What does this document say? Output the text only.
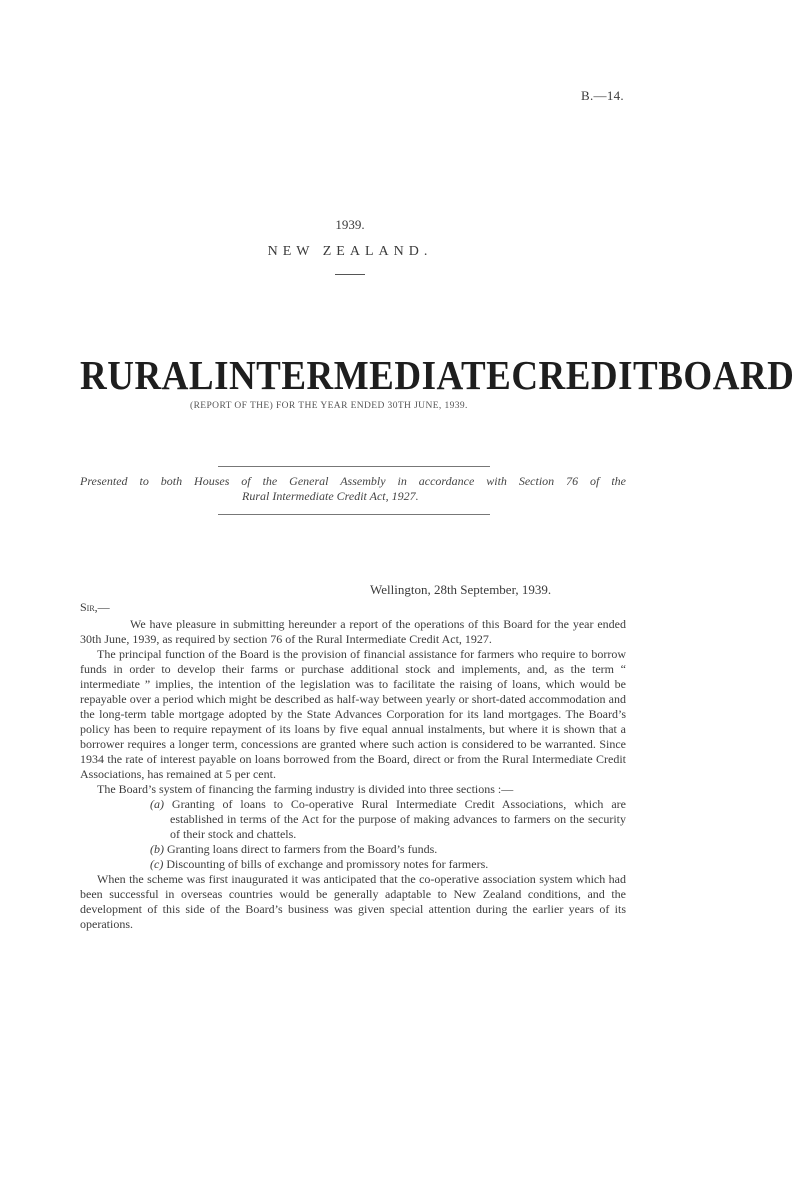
B.—14.
1939.
NEW ZEALAND.
RURAL INTERMEDIATE CREDIT BOARD
(REPORT OF THE) FOR THE YEAR ENDED 30TH JUNE, 1939.
Presented to both Houses of the General Assembly in accordance with Section 76 of the
Rural Intermediate Credit Act, 1927.
Wellington, 28th September, 1939.
Sir,—

We have pleasure in submitting hereunder a report of the operations of this Board for the year ended 30th June, 1939, as required by section 76 of the Rural Intermediate Credit Act, 1927.

The principal function of the Board is the provision of financial assistance for farmers who require to borrow funds in order to develop their farms or purchase additional stock and implements, and, as the term “ intermediate ” implies, the intention of the legislation was to facilitate the raising of loans, which would be repayable over a period which might be described as half-way between yearly or short-dated accommodation and the long-term table mortgage adopted by the State Advances Corporation for its land mortgages. The Board’s policy has been to require repayment of its loans by five equal annual instalments, but where it is shown that a borrower requires a longer term, concessions are granted where such action is considered to be warranted. Since 1934 the rate of interest payable on loans borrowed from the Board, direct or from the Rural Intermediate Credit Associations, has remained at 5 per cent.

The Board’s system of financing the farming industry is divided into three sections :—

(a) Granting of loans to Co-operative Rural Intermediate Credit Associations, which are established in terms of the Act for the purpose of making advances to farmers on the security of their stock and chattels.
(b) Granting loans direct to farmers from the Board’s funds.
(c) Discounting of bills of exchange and promissory notes for farmers.

When the scheme was first inaugurated it was anticipated that the co-operative association system which had been successful in overseas countries would be generally adaptable to New Zealand conditions, and the development of this side of the Board’s business was given special attention during the earlier years of its operations.
